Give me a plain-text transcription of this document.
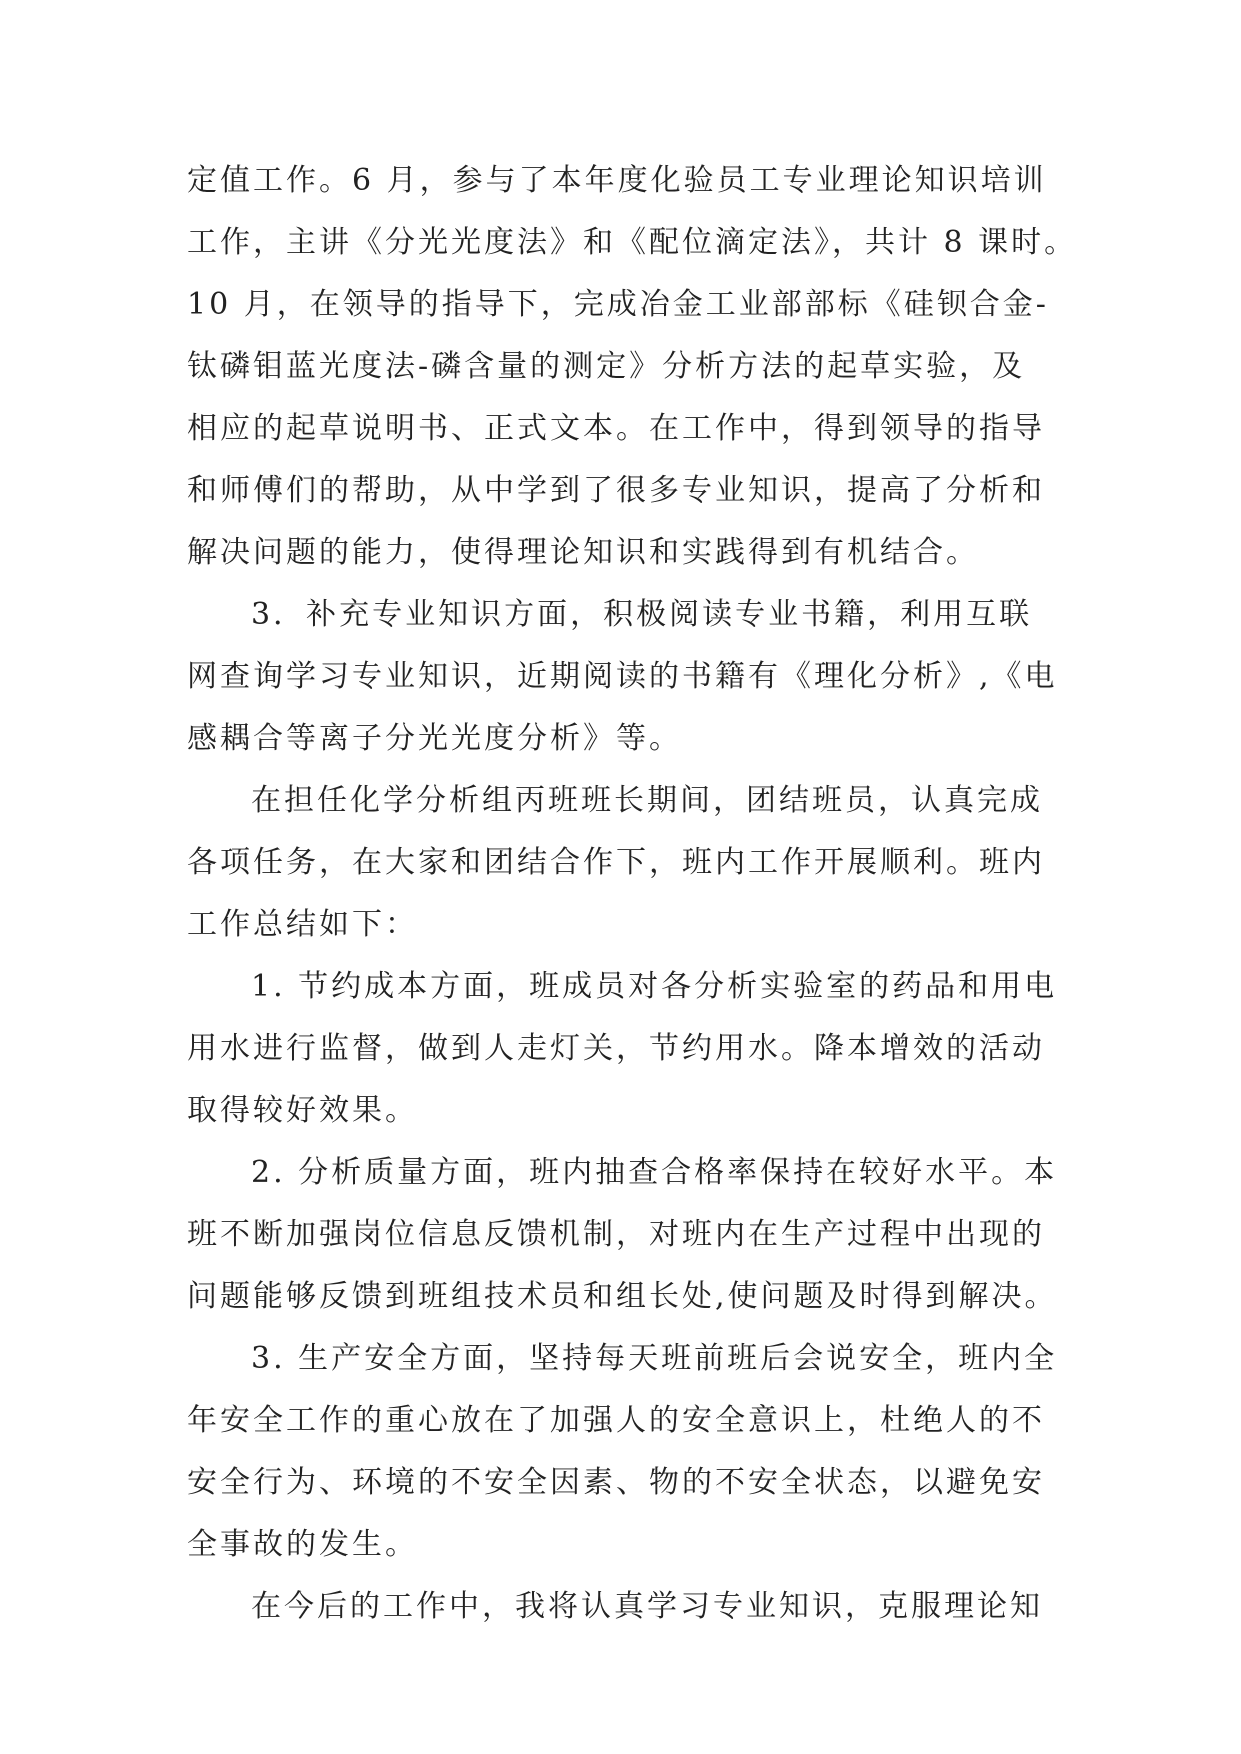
定值工作。6 月，参与了本年度化验员工专业理论知识培训
工作，主讲《分光光度法》和《配位滴定法》，共计 8 课时。
10 月，在领导的指导下，完成冶金工业部部标《硅钡合金-
钛磷钼蓝光度法-磷含量的测定》分析方法的起草实验，及
相应的起草说明书、正式文本。在工作中，得到领导的指导
和师傅们的帮助，从中学到了很多专业知识，提高了分析和
解决问题的能力，使得理论知识和实践得到有机结合。
3．补充专业知识方面，积极阅读专业书籍，利用互联
网查询学习专业知识，近期阅读的书籍有《理化分析》,《电
感耦合等离子分光光度分析》等。
在担任化学分析组丙班班长期间，团结班员，认真完成
各项任务，在大家和团结合作下，班内工作开展顺利。班内
工作总结如下：
1. 节约成本方面，班成员对各分析实验室的药品和用电
用水进行监督，做到人走灯关，节约用水。降本增效的活动
取得较好效果。
2. 分析质量方面，班内抽查合格率保持在较好水平。本
班不断加强岗位信息反馈机制，对班内在生产过程中出现的
问题能够反馈到班组技术员和组长处,使问题及时得到解决。
3. 生产安全方面，坚持每天班前班后会说安全，班内全
年安全工作的重心放在了加强人的安全意识上，杜绝人的不
安全行为、环境的不安全因素、物的不安全状态，以避免安
全事故的发生。
在今后的工作中，我将认真学习专业知识，克服理论知
